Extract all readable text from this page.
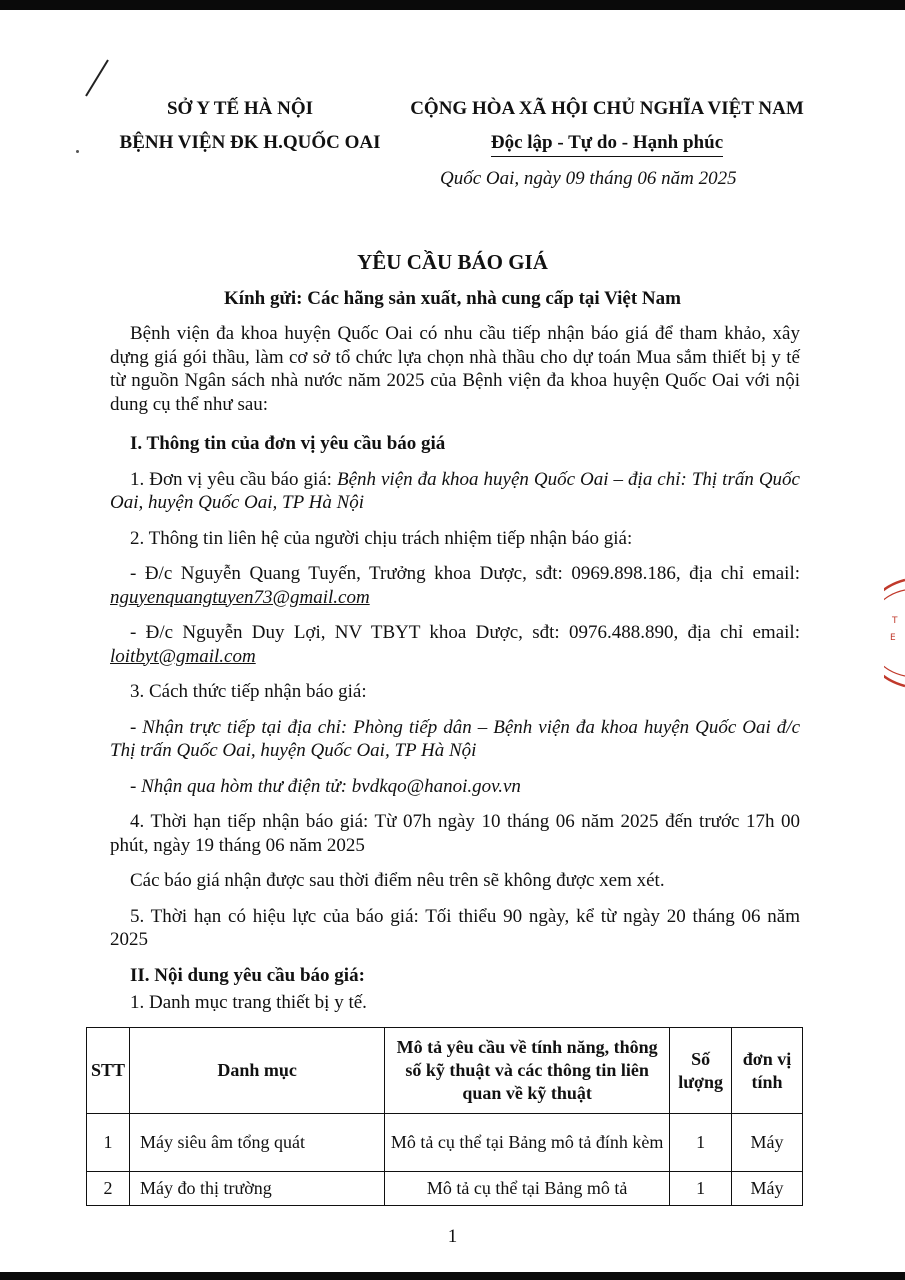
T
E
SỞ Y TẾ HÀ NỘI
BỆNH VIỆN ĐK H.QUỐC OAI
CỘNG HÒA XÃ HỘI CHỦ NGHĨA VIỆT NAM
Độc lập - Tự do - Hạnh phúc
Quốc Oai, ngày 09 tháng 06 năm 2025
YÊU CẦU BÁO GIÁ
Kính gửi: Các hãng sản xuất, nhà cung cấp tại Việt Nam

Bệnh viện đa khoa huyện Quốc Oai có nhu cầu tiếp nhận báo giá để tham khảo, xây dựng giá gói thầu, làm cơ sở tổ chức lựa chọn nhà thầu cho dự toán Mua sắm thiết bị y tế từ nguồn Ngân sách nhà nước năm 2025 của Bệnh viện đa khoa huyện Quốc Oai với nội dung cụ thể như sau:

I. Thông tin của đơn vị yêu cầu báo giá

1. Đơn vị yêu cầu báo giá: Bệnh viện đa khoa huyện Quốc Oai – địa chỉ: Thị trấn Quốc Oai, huyện Quốc Oai, TP Hà Nội

2. Thông tin liên hệ của người chịu trách nhiệm tiếp nhận báo giá:

- Đ/c Nguyễn Quang Tuyến, Trưởng khoa Dược, sđt: 0969.898.186, địa chỉ email: nguyenquangtuyen73@gmail.com

- Đ/c Nguyễn Duy Lợi, NV TBYT khoa Dược, sđt: 0976.488.890, địa chỉ email: loitbyt@gmail.com

3. Cách thức tiếp nhận báo giá:

- Nhận trực tiếp tại địa chỉ: Phòng tiếp dân – Bệnh viện đa khoa huyện Quốc Oai đ/c Thị trấn Quốc Oai, huyện Quốc Oai, TP Hà Nội

- Nhận qua hòm thư điện tử: bvdkqo@hanoi.gov.vn

4. Thời hạn tiếp nhận báo giá: Từ 07h ngày 10 tháng 06 năm 2025 đến trước 17h 00 phút, ngày 19 tháng 06 năm 2025

Các báo giá nhận được sau thời điểm nêu trên sẽ không được xem xét.

5. Thời hạn có hiệu lực của báo giá: Tối thiểu 90 ngày, kể từ ngày 20 tháng 06 năm 2025

II. Nội dung yêu cầu báo giá:

1. Danh mục trang thiết bị y tế.

STT	Danh mục	Mô tả yêu cầu về tính năng, thông số kỹ thuật và các thông tin liên quan về kỹ thuật	Số lượng	đơn vị tính
1	Máy siêu âm tổng quát	Mô tả cụ thể tại Bảng mô tả đính kèm	1	Máy
2	Máy đo thị trường	Mô tả cụ thể tại Bảng mô tả	1	Máy
1
